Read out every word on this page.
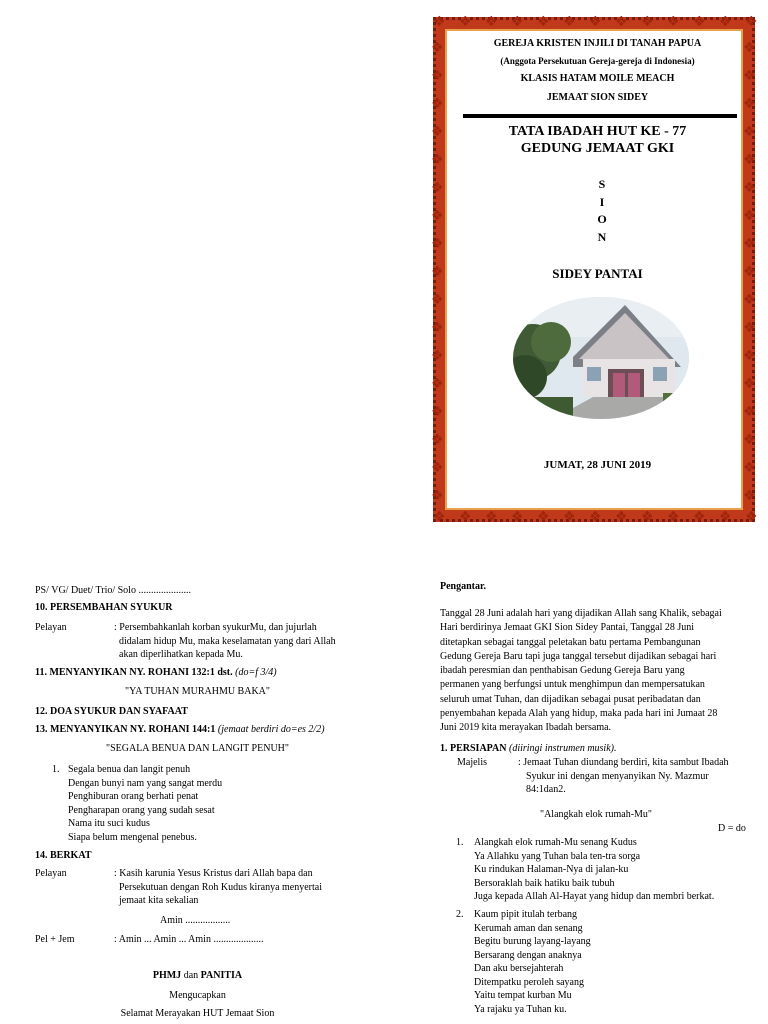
❖
❖
❖
❖
❖
❖
❖
❖
❖
❖
❖
❖
❖
❖
❖
❖
❖
❖
❖
❖
❖
❖
❖
❖
❖
❖
❖	❖
❖	❖
❖	❖
❖	❖
❖	❖
❖	❖
❖	❖
❖	❖
❖	❖
❖	❖
❖	❖
❖	❖
❖	❖
❖	❖
❖	❖
❖	❖
❖	❖
GEREJA KRISTEN INJILI DI TANAH PAPUA
(Anggota Persekutuan Gereja-gereja di Indonesia)
KLASIS HATAM MOILE MEACH
JEMAAT SION SIDEY
TATA IBADAH HUT KE - 77
GEDUNG JEMAAT GKI
S
I
O
N
SIDEY PANTAI
JUMAT, 28 JUNI 2019
PS/ VG/ Duet/ Trio/ Solo .....................
10. PERSEMBAHAN SYUKUR
Pelayan	: Persembahkanlah korban syukurMu, dan jujurlah
didalam hidup Mu, maka keselamatan yang dari Allah
akan diperlihatkan kepada Mu.
11. MENYANYIKAN NY. ROHANI 132:1 dst. (do=f 3/4)
"YA TUHAN MURAHMU BAKA"
12. DOA SYUKUR DAN SYAFAAT
13. MENYANYIKAN NY. ROHANI 144:1 (jemaat berdiri do=es 2/2)
"SEGALA BENUA DAN LANGIT PENUH"
1. Segala benua dan langit penuh
Dengan bunyi nam yang sangat merdu
Penghiburan orang berhati penat
Pengharapan orang yang sudah sesat
Nama itu suci kudus
Siapa belum mengenal penebus.
14. BERKAT
Pelayan	: Kasih karunia Yesus Kristus dari Allah bapa dan
Persekutuan dengan Roh Kudus kiranya menyertai
jemaat kita sekalian
Amin ..................
Pel + Jem	: Amin ... Amin ... Amin ....................
PHMJ dan PANITIA
Mengucapkan
Selamat Merayakan HUT Jemaat Sion
Pengantar.
Tanggal 28 Juni adalah hari yang dijadikan Allah sang Khalik, sebagai
Hari berdirinya Jemaat GKI Sion Sidey Pantai, Tanggal 28 Juni
ditetapkan sebagai tanggal peletakan batu pertama Pembangunan
Gedung Gereja Baru tapi juga tanggal tersebut dijadikan sebagai hari
ibadah peresmian dan penthabisan Gedung Gereja Baru yang
permanen yang berfungsi untuk menghimpun dan mempersatukan
seluruh umat Tuhan, dan dijadikan sebagai pusat peribadatan dan
penyembahan kepada Alah yang hidup, maka pada hari ini Jumaat 28
Juni 2019 kita merayakan Ibadah bersama.
1. PERSIAPAN (diiringi instrumen musik).
Majelis	: Jemaat Tuhan diundang berdiri, kita sambut Ibadah
Syukur ini dengan menyanyikan Ny. Mazmur
84:1dan2.
"Alangkah elok rumah-Mu"
D = do
1. Alangkah elok rumah-Mu senang Kudus
Ya Allahku yang Tuhan bala ten-tra sorga
Ku rindukan Halaman-Nya di jalan-ku
Bersoraklah baik hatiku baik tubuh
Juga kepada Allah Al-Hayat yang hidup dan membri berkat.
2. Kaum pipit itulah terbang
Kerumah aman dan senang
Begitu burung layang-layang
Bersarang dengan anaknya
Dan aku bersejahterah
Ditempatku peroleh sayang
Yaitu tempat kurban Mu
Ya rajaku ya Tuhan ku.
